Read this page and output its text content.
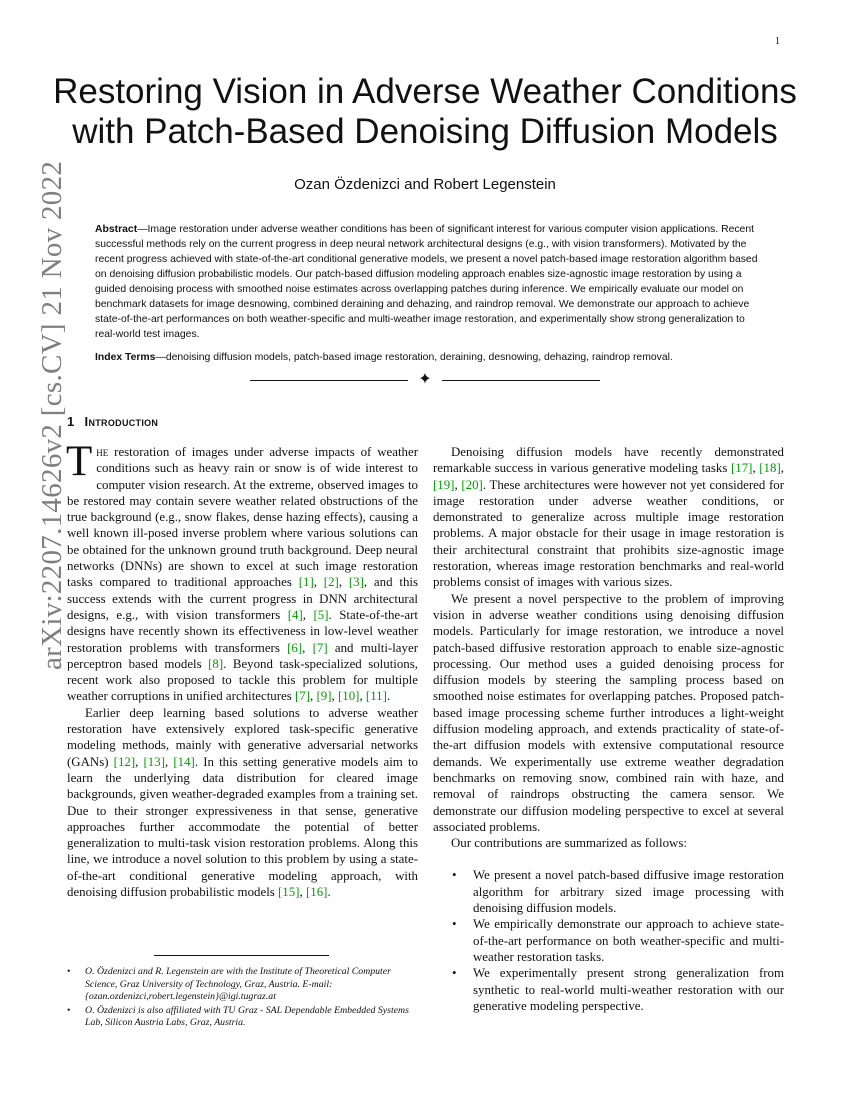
1
arXiv:2207.14626v2 [cs.CV] 21 Nov 2022
Restoring Vision in Adverse Weather Conditions with Patch-Based Denoising Diffusion Models
Ozan Özdenizci and Robert Legenstein
Abstract—Image restoration under adverse weather conditions has been of significant interest for various computer vision applications. Recent successful methods rely on the current progress in deep neural network architectural designs (e.g., with vision transformers). Motivated by the recent progress achieved with state-of-the-art conditional generative models, we present a novel patch-based image restoration algorithm based on denoising diffusion probabilistic models. Our patch-based diffusion modeling approach enables size-agnostic image restoration by using a guided denoising process with smoothed noise estimates across overlapping patches during inference. We empirically evaluate our model on benchmark datasets for image desnowing, combined deraining and dehazing, and raindrop removal. We demonstrate our approach to achieve state-of-the-art performances on both weather-specific and multi-weather image restoration, and experimentally show strong generalization to real-world test images.
Index Terms—denoising diffusion models, patch-based image restoration, deraining, desnowing, dehazing, raindrop removal.
✦
1 Introduction

The restoration of images under adverse impacts of weather conditions such as heavy rain or snow is of wide interest to computer vision research. At the extreme, observed images to be restored may contain severe weather related obstructions of the true background (e.g., snow flakes, dense hazing effects), causing a well known ill-posed inverse problem where various solutions can be obtained for the unknown ground truth background. Deep neural networks (DNNs) are shown to excel at such image restoration tasks compared to traditional approaches [1], [2], [3], and this success extends with the current progress in DNN architectural designs, e.g., with vision transformers [4], [5]. State-of-the-art designs have recently shown its effectiveness in low-level weather restoration problems with transformers [6], [7] and multi-layer perceptron based models [8]. Beyond task-specialized solutions, recent work also proposed to tackle this problem for multiple weather corruptions in unified architectures [7], [9], [10], [11].

Earlier deep learning based solutions to adverse weather restoration have extensively explored task-specific generative modeling methods, mainly with generative adversarial networks (GANs) [12], [13], [14]. In this setting generative models aim to learn the underlying data distribution for cleared image backgrounds, given weather-degraded examples from a training set. Due to their stronger expressiveness in that sense, generative approaches further accommodate the potential of better generalization to multi-task vision restoration problems. Along this line, we introduce a novel solution to this problem by using a state-of-the-art conditional generative modeling approach, with denoising diffusion probabilistic models [15], [16].

• O. Özdenizci and R. Legenstein are with the Institute of Theoretical Computer Science, Graz University of Technology, Graz, Austria. E-mail: {ozan.ozdenizci,robert.legenstein}@igi.tugraz.at
• O. Özdenizci is also affiliated with TU Graz - SAL Dependable Embedded Systems Lab, Silicon Austria Labs, Graz, Austria.

Denoising diffusion models have recently demonstrated remarkable success in various generative modeling tasks [17], [18], [19], [20]. These architectures were however not yet considered for image restoration under adverse weather conditions, or demonstrated to generalize across multiple image restoration problems. A major obstacle for their usage in image restoration is their architectural constraint that prohibits size-agnostic image restoration, whereas image restoration benchmarks and real-world problems consist of images with various sizes.

We present a novel perspective to the problem of improving vision in adverse weather conditions using denoising diffusion models. Particularly for image restoration, we introduce a novel patch-based diffusive restoration approach to enable size-agnostic processing. Our method uses a guided denoising process for diffusion models by steering the sampling process based on smoothed noise estimates for overlapping patches. Proposed patch-based image processing scheme further introduces a light-weight diffusion modeling approach, and extends practicality of state-of-the-art diffusion models with extensive computational resource demands. We experimentally use extreme weather degradation benchmarks on removing snow, combined rain with haze, and removal of raindrops obstructing the camera sensor. We demonstrate our diffusion modeling perspective to excel at several associated problems.

Our contributions are summarized as follows:

• We present a novel patch-based diffusive image restoration algorithm for arbitrary sized image processing with denoising diffusion models.
• We empirically demonstrate our approach to achieve state-of-the-art performance on both weather-specific and multi-weather restoration tasks.
• We experimentally present strong generalization from synthetic to real-world multi-weather restoration with our generative modeling perspective.
